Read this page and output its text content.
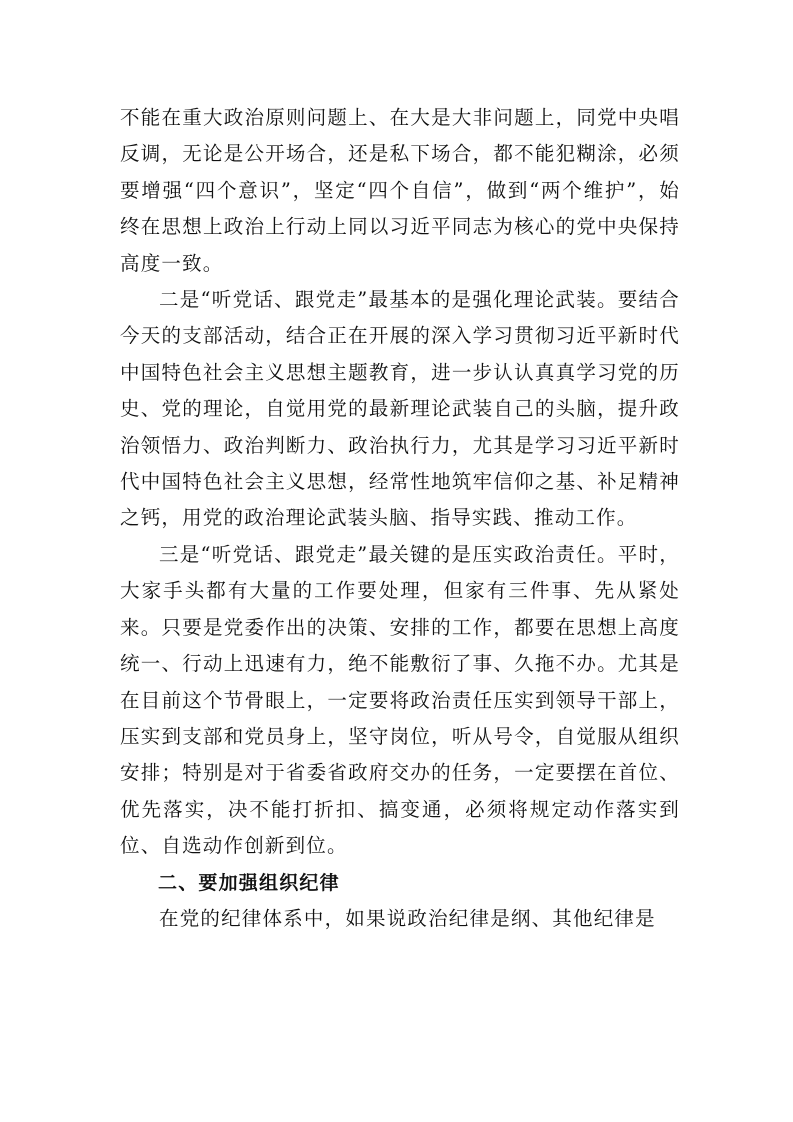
不能在重大政治原则问题上、在大是大非问题上，同党中央唱反调，无论是公开场合，还是私下场合，都不能犯糊涂，必须要增强“四个意识”，坚定“四个自信”，做到“两个维护”，始终在思想上政治上行动上同以习近平同志为核心的党中央保持高度一致。

二是“听党话、跟党走”最基本的是强化理论武装。要结合今天的支部活动，结合正在开展的深入学习贯彻习近平新时代中国特色社会主义思想主题教育，进一步认认真真学习党的历史、党的理论，自觉用党的最新理论武装自己的头脑，提升政治领悟力、政治判断力、政治执行力，尤其是学习习近平新时代中国特色社会主义思想，经常性地筑牢信仰之基、补足精神之钙，用党的政治理论武装头脑、指导实践、推动工作。

三是“听党话、跟党走”最关键的是压实政治责任。平时，大家手头都有大量的工作要处理，但家有三件事、先从紧处来。只要是党委作出的决策、安排的工作，都要在思想上高度统一、行动上迅速有力，绝不能敷衍了事、久拖不办。尤其是在目前这个节骨眼上，一定要将政治责任压实到领导干部上，压实到支部和党员身上，坚守岗位，听从号令，自觉服从组织安排；特别是对于省委省政府交办的任务，一定要摆在首位、优先落实，决不能打折扣、搞变通，必须将规定动作落实到位、自选动作创新到位。

二、要加强组织纪律

在党的纪律体系中，如果说政治纪律是纲、其他纪律是
